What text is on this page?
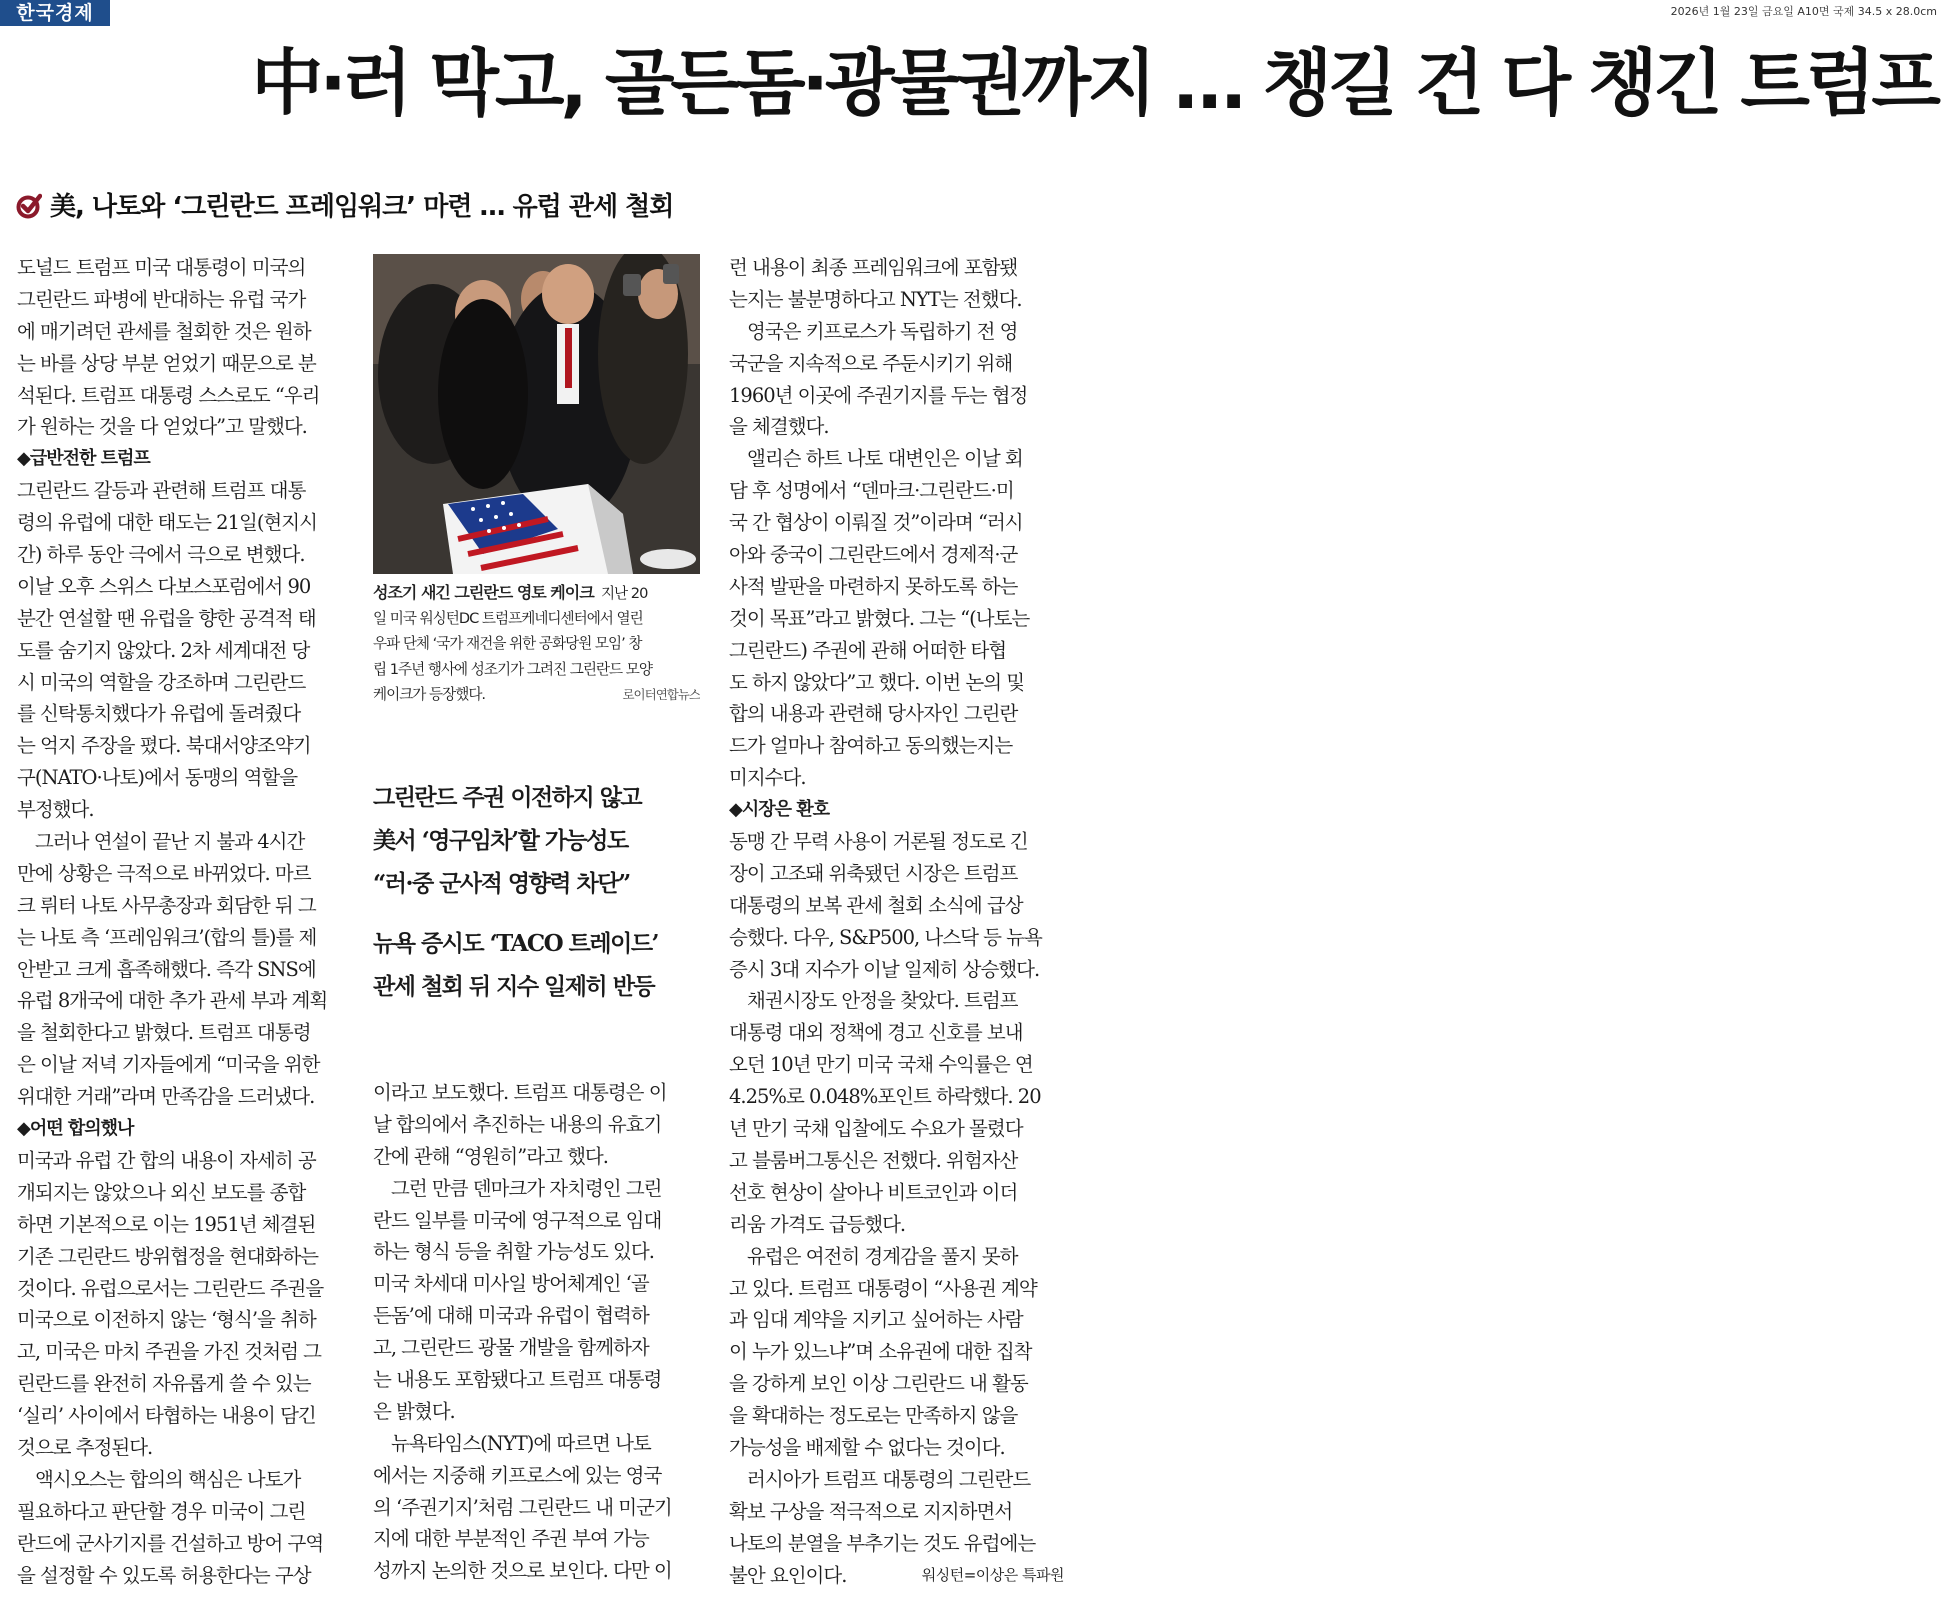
한국경제	2026년 1월 23일 금요일 A10면 국제 34.5 x 28.0cm
中·러 막고, 골든돔·광물권까지 … 챙길 건 다 챙긴 트럼프
美, 나토와 ‘그린란드 프레임워크’ 마련 … 유럽 관세 철회
도널드 트럼프 미국 대통령이 미국의
그린란드 파병에 반대하는 유럽 국가
에 매기려던 관세를 철회한 것은 원하
는 바를 상당 부분 얻었기 때문으로 분
석된다. 트럼프 대통령 스스로도 “우리
가 원하는 것을 다 얻었다”고 말했다.
◆급반전한 트럼프
그린란드 갈등과 관련해 트럼프 대통
령의 유럽에 대한 태도는 21일(현지시
간) 하루 동안 극에서 극으로 변했다.
이날 오후 스위스 다보스포럼에서 90
분간 연설할 땐 유럽을 향한 공격적 태
도를 숨기지 않았다. 2차 세계대전 당
시 미국의 역할을 강조하며 그린란드
를 신탁통치했다가 유럽에 돌려줬다
는 억지 주장을 폈다. 북대서양조약기
구(NATO·나토)에서 동맹의 역할을
부정했다.
그러나 연설이 끝난 지 불과 4시간
만에 상황은 극적으로 바뀌었다. 마르
크 뤼터 나토 사무총장과 회담한 뒤 그
는 나토 측 ‘프레임워크’(합의 틀)를 제
안받고 크게 흡족해했다. 즉각 SNS에
유럽 8개국에 대한 추가 관세 부과 계획
을 철회한다고 밝혔다. 트럼프 대통령
은 이날 저녁 기자들에게 “미국을 위한
위대한 거래”라며 만족감을 드러냈다.
◆어떤 합의했나
미국과 유럽 간 합의 내용이 자세히 공
개되지는 않았으나 외신 보도를 종합
하면 기본적으로 이는 1951년 체결된
기존 그린란드 방위협정을 현대화하는
것이다. 유럽으로서는 그린란드 주권을
미국으로 이전하지 않는 ‘형식’을 취하
고, 미국은 마치 주권을 가진 것처럼 그
린란드를 완전히 자유롭게 쓸 수 있는
‘실리’ 사이에서 타협하는 내용이 담긴
것으로 추정된다.
액시오스는 합의의 핵심은 나토가
필요하다고 판단할 경우 미국이 그린
란드에 군사기지를 건설하고 방어 구역
을 설정할 수 있도록 허용한다는 구상
성조기 새긴 그린란드 영토 케이크 지난 20
일 미국 워싱턴DC 트럼프케네디센터에서 열린
우파 단체 ‘국가 재건을 위한 공화당원 모임’ 창
립 1주년 행사에 성조기가 그려진 그린란드 모양
케이크가 등장했다.	로이터연합뉴스
그린란드 주권 이전하지 않고
美서 ‘영구임차’할 가능성도
“러·중 군사적 영향력 차단”
뉴욕 증시도 ‘TACO 트레이드’
관세 철회 뒤 지수 일제히 반등
이라고 보도했다. 트럼프 대통령은 이
날 합의에서 추진하는 내용의 유효기
간에 관해 “영원히”라고 했다.
그런 만큼 덴마크가 자치령인 그린
란드 일부를 미국에 영구적으로 임대
하는 형식 등을 취할 가능성도 있다.
미국 차세대 미사일 방어체계인 ‘골
든돔’에 대해 미국과 유럽이 협력하
고, 그린란드 광물 개발을 함께하자
는 내용도 포함됐다고 트럼프 대통령
은 밝혔다.
뉴욕타임스(NYT)에 따르면 나토
에서는 지중해 키프로스에 있는 영국
의 ‘주권기지’처럼 그린란드 내 미군기
지에 대한 부분적인 주권 부여 가능
성까지 논의한 것으로 보인다. 다만 이
런 내용이 최종 프레임워크에 포함됐
는지는 불분명하다고 NYT는 전했다.
영국은 키프로스가 독립하기 전 영
국군을 지속적으로 주둔시키기 위해
1960년 이곳에 주권기지를 두는 협정
을 체결했다.
앨리슨 하트 나토 대변인은 이날 회
담 후 성명에서 “덴마크·그린란드·미
국 간 협상이 이뤄질 것”이라며 “러시
아와 중국이 그린란드에서 경제적·군
사적 발판을 마련하지 못하도록 하는
것이 목표”라고 밝혔다. 그는 “(나토는
그린란드) 주권에 관해 어떠한 타협
도 하지 않았다”고 했다. 이번 논의 및
합의 내용과 관련해 당사자인 그린란
드가 얼마나 참여하고 동의했는지는
미지수다.
◆시장은 환호
동맹 간 무력 사용이 거론될 정도로 긴
장이 고조돼 위축됐던 시장은 트럼프
대통령의 보복 관세 철회 소식에 급상
승했다. 다우, S&P500, 나스닥 등 뉴욕
증시 3대 지수가 이날 일제히 상승했다.
채권시장도 안정을 찾았다. 트럼프
대통령 대외 정책에 경고 신호를 보내
오던 10년 만기 미국 국채 수익률은 연
4.25%로 0.048%포인트 하락했다. 20
년 만기 국채 입찰에도 수요가 몰렸다
고 블룸버그통신은 전했다. 위험자산
선호 현상이 살아나 비트코인과 이더
리움 가격도 급등했다.
유럽은 여전히 경계감을 풀지 못하
고 있다. 트럼프 대통령이 “사용권 계약
과 임대 계약을 지키고 싶어하는 사람
이 누가 있느냐”며 소유권에 대한 집착
을 강하게 보인 이상 그린란드 내 활동
을 확대하는 정도로는 만족하지 않을
가능성을 배제할 수 없다는 것이다.
러시아가 트럼프 대통령의 그린란드
확보 구상을 적극적으로 지지하면서
나토의 분열을 부추기는 것도 유럽에는
불안 요인이다.	워싱턴=이상은 특파원
